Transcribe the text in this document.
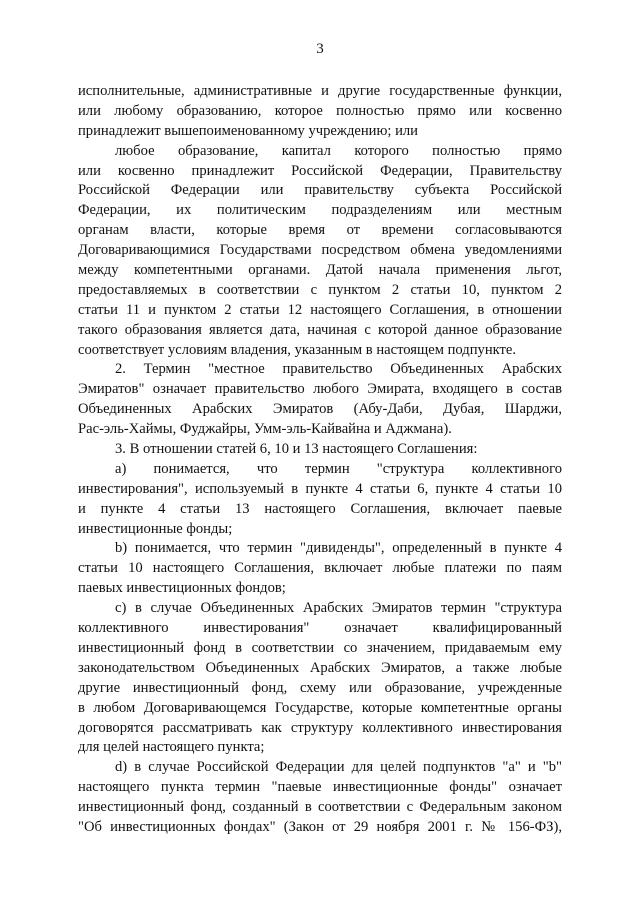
3
исполнительные, административные и другие государственные функции,
или любому образованию, которое полностью прямо или косвенно
принадлежит вышепоименованному учреждению; или
любое образование, капитал которого полностью прямо
или косвенно принадлежит Российской Федерации, Правительству
Российской Федерации или правительству субъекта Российской
Федерации, их политическим подразделениям или местным
органам власти, которые время от времени согласовываются
Договаривающимися Государствами посредством обмена уведомлениями
между компетентными органами. Датой начала применения льгот,
предоставляемых в соответствии с пунктом 2 статьи 10, пунктом 2
статьи 11 и пунктом 2 статьи 12 настоящего Соглашения, в отношении
такого образования является дата, начиная с которой данное образование
соответствует условиям владения, указанным в настоящем подпункте.
2. Термин "местное правительство Объединенных Арабских
Эмиратов" означает правительство любого Эмирата, входящего в состав
Объединенных Арабских Эмиратов (Абу-Даби, Дубая, Шарджи,
Рас-эль-Хаймы, Фуджайры, Умм-эль-Кайвайна и Аджмана).
3. В отношении статей 6, 10 и 13 настоящего Соглашения:
a) понимается, что термин "структура коллективного
инвестирования", используемый в пункте 4 статьи 6, пункте 4 статьи 10
и пункте 4 статьи 13 настоящего Соглашения, включает паевые
инвестиционные фонды;
b) понимается, что термин "дивиденды", определенный в пункте 4
статьи 10 настоящего Соглашения, включает любые платежи по паям
паевых инвестиционных фондов;
c) в случае Объединенных Арабских Эмиратов термин "структура
коллективного инвестирования" означает квалифицированный
инвестиционный фонд в соответствии со значением, придаваемым ему
законодательством Объединенных Арабских Эмиратов, а также любые
другие инвестиционный фонд, схему или образование, учрежденные
в любом Договаривающемся Государстве, которые компетентные органы
договорятся рассматривать как структуру коллективного инвестирования
для целей настоящего пункта;
d) в случае Российской Федерации для целей подпунктов "a" и "b"
настоящего пункта термин "паевые инвестиционные фонды" означает
инвестиционный фонд, созданный в соответствии с Федеральным законом
"Об инвестиционных фондах" (Закон от 29 ноября 2001 г. № 156-ФЗ),
